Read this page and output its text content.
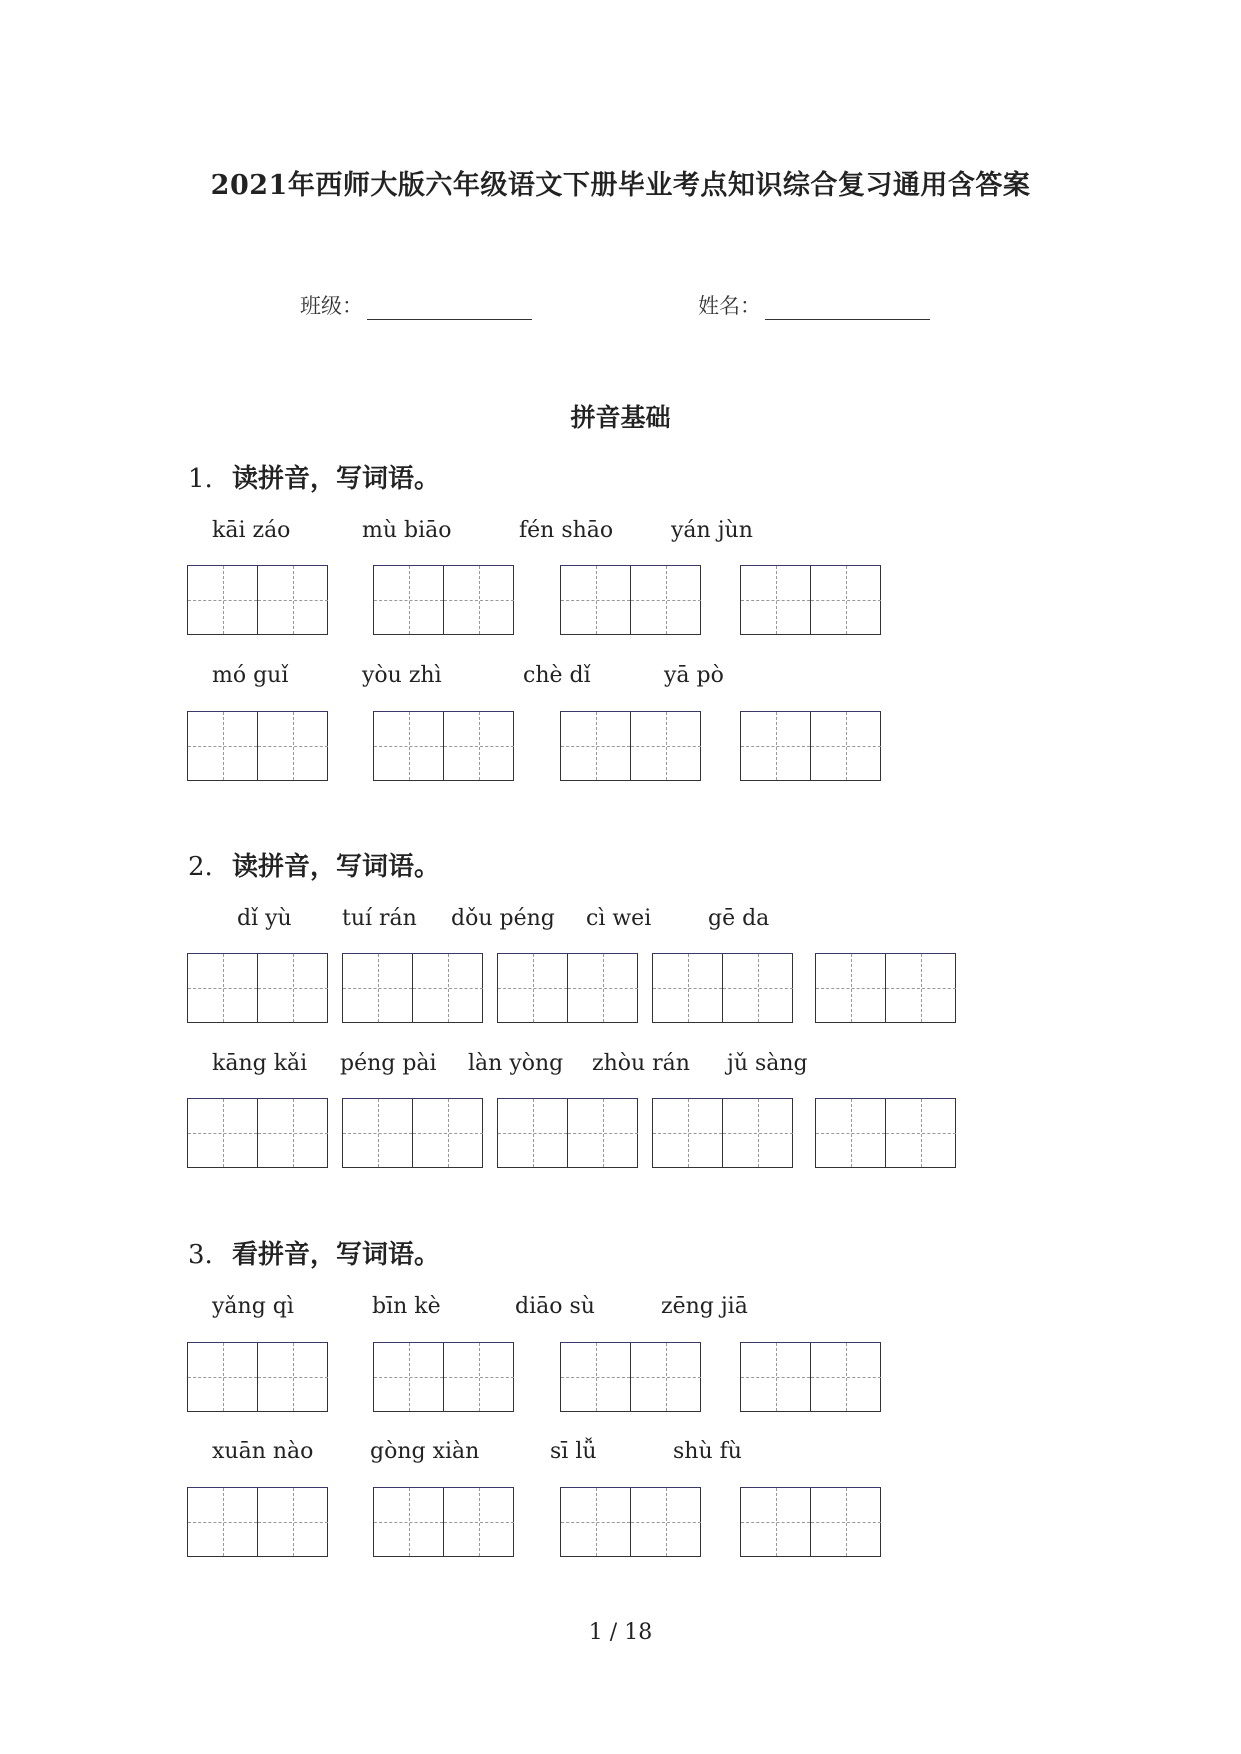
2021年西师大版六年级语文下册毕业考点知识综合复习通用含答案
班级：	姓名：
拼音基础
1. 读拼音，写词语。
kāi záo	mù biāo	fén shāo	yán jùn
mó guǐ	yòu zhì	chè dǐ	yā pò
2. 读拼音，写词语。
dǐ yù tuí rán dǒu péng cì wei	gē da
kāng kǎi péng pài làn yòng zhòu rán jǔ sàng
3. 看拼音，写词语。
yǎng qì	bīn kè	diāo sù	zēng jiā
xuān nào	gòng xiàn	sī lǚ	shù fù
1 / 18
